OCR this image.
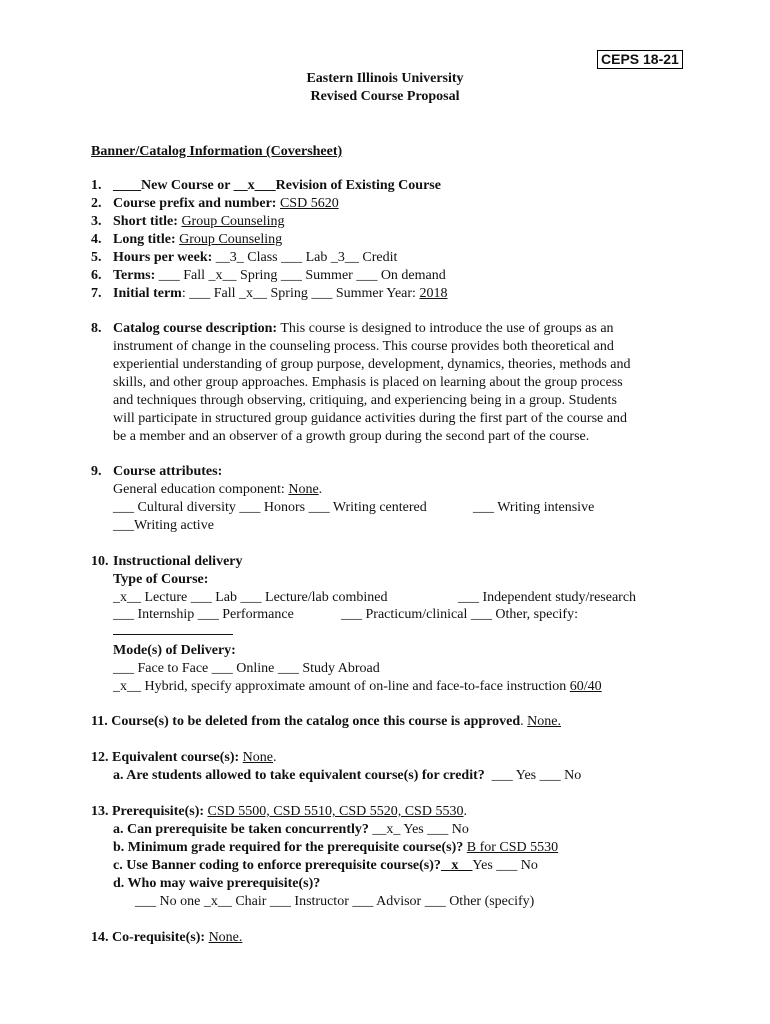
CEPS 18-21
Eastern Illinois University
Revised Course Proposal
Banner/Catalog Information (Coversheet)
1. ____New Course or __x___Revision of Existing Course
2. Course prefix and number: CSD 5620
3. Short title: Group Counseling
4. Long title: Group Counseling
5. Hours per week: __3_ Class ___ Lab _3__ Credit
6. Terms: ___ Fall _x__ Spring ___ Summer ___ On demand
7. Initial term: ___ Fall _x__ Spring ___ Summer Year: 2018
8. Catalog course description: This course is designed to introduce the use of groups as an
instrument of change in the counseling process. This course provides both theoretical and
experiential understanding of group purpose, development, dynamics, theories, methods and
skills, and other group approaches. Emphasis is placed on learning about the group process
and techniques through observing, critiquing, and experiencing being in a group. Students
will participate in structured group guidance activities during the first part of the course and
be a member and an observer of a growth group during the second part of the course.
9. Course attributes:
General education component: None.
___ Cultural diversity ___ Honors ___ Writing centered	___ Writing intensive
___Writing active
10. Instructional delivery
Type of Course:
_x__ Lecture ___ Lab ___ Lecture/lab combined	___ Independent study/research
___ Internship ___ Performance	___ Practicum/clinical ___ Other, specify:
Mode(s) of Delivery:
___ Face to Face ___ Online ___ Study Abroad
_x__ Hybrid, specify approximate amount of on-line and face-to-face instruction 60/40
11. Course(s) to be deleted from the catalog once this course is approved. None.
12. Equivalent course(s): None.
a. Are students allowed to take equivalent course(s) for credit? ___ Yes ___ No
13. Prerequisite(s): CSD 5500, CSD 5510, CSD 5520, CSD 5530.
a. Can prerequisite be taken concurrently? __x_ Yes ___ No
b. Minimum grade required for the prerequisite course(s)? B for CSD 5530
c. Use Banner coding to enforce prerequisite course(s)? _x__Yes ___ No
d. Who may waive prerequisite(s)?
___ No one _x__ Chair ___ Instructor ___ Advisor ___ Other (specify)
14. Co-requisite(s): None.
